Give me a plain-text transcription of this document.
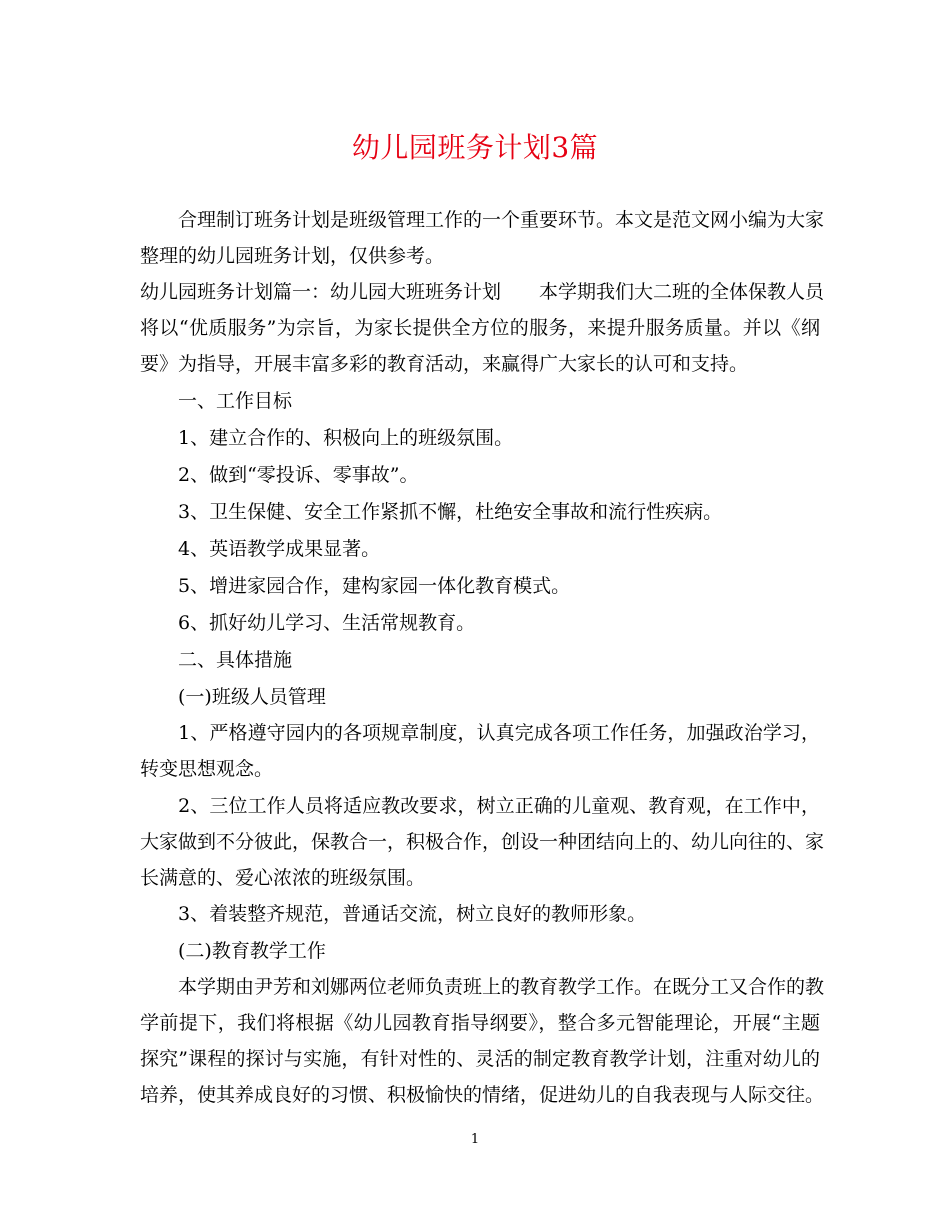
幼儿园班务计划3篇
　　合理制订班务计划是班级管理工作的一个重要环节。本文是范文网小编为大家
整理的幼儿园班务计划，仅供参考。
幼儿园班务计划篇一：幼儿园大班班务计划　　本学期我们大二班的全体保教人员
将以“优质服务”为宗旨，为家长提供全方位的服务，来提升服务质量。并以《纲
要》为指导，开展丰富多彩的教育活动，来赢得广大家长的认可和支持。
　　一、工作目标
　　1、建立合作的、积极向上的班级氛围。
　　2、做到“零投诉、零事故”。
　　3、卫生保健、安全工作紧抓不懈，杜绝安全事故和流行性疾病。
　　4、英语教学成果显著。
　　5、增进家园合作，建构家园一体化教育模式。
　　6、抓好幼儿学习、生活常规教育。
　　二、具体措施
　　(一)班级人员管理
　　1、严格遵守园内的各项规章制度，认真完成各项工作任务，加强政治学习，
转变思想观念。
　　2、三位工作人员将适应教改要求，树立正确的儿童观、教育观，在工作中，
大家做到不分彼此，保教合一，积极合作，创设一种团结向上的、幼儿向往的、家
长满意的、爱心浓浓的班级氛围。
　　3、着装整齐规范，普通话交流，树立良好的教师形象。
　　(二)教育教学工作
　　本学期由尹芳和刘娜两位老师负责班上的教育教学工作。在既分工又合作的教
学前提下，我们将根据《幼儿园教育指导纲要》，整合多元智能理论，开展“主题
探究”课程的探讨与实施，有针对性的、灵活的制定教育教学计划，注重对幼儿的
培养，使其养成良好的习惯、积极愉快的情绪，促进幼儿的自我表现与人际交往。
1
